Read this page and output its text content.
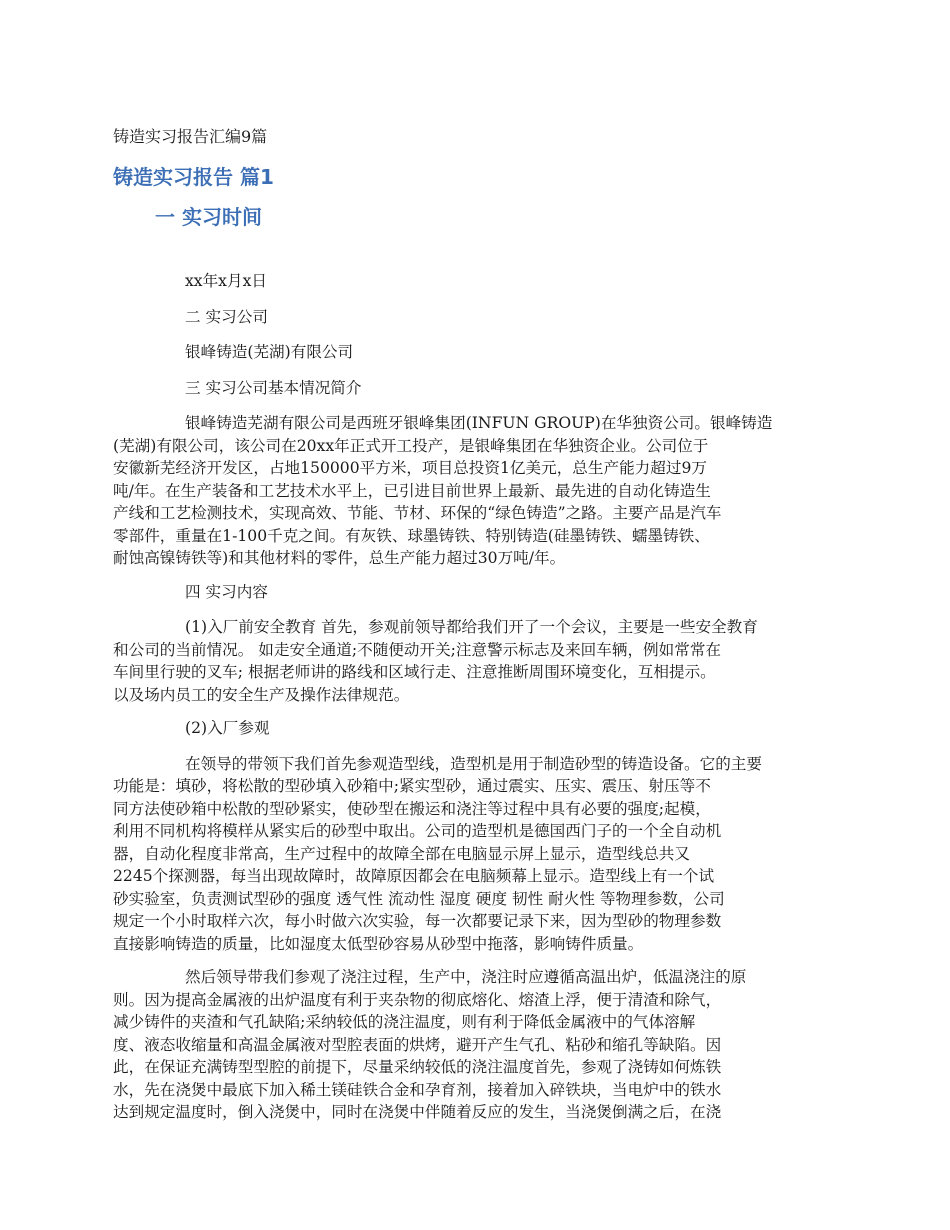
铸造实习报告汇编9篇
铸造实习报告 篇1
一 实习时间
xx年x月x日
二 实习公司
银峰铸造(芜湖)有限公司
三 实习公司基本情况简介
银峰铸造芜湖有限公司是西班牙银峰集团(INFUN GROUP)在华独资公司。银峰铸造
(芜湖)有限公司，该公司在20xx年正式开工投产，是银峰集团在华独资企业。公司位于
安徽新芜经济开发区，占地150000平方米，项目总投资1亿美元，总生产能力超过9万
吨/年。在生产装备和工艺技术水平上，已引进目前世界上最新、最先进的自动化铸造生
产线和工艺检测技术，实现高效、节能、节材、环保的“绿色铸造”之路。主要产品是汽车
零部件，重量在1-100千克之间。有灰铁、球墨铸铁、特别铸造(硅墨铸铁、蠕墨铸铁、
耐蚀高镍铸铁等)和其他材料的零件，总生产能力超过30万吨/年。
四 实习内容
(1)入厂前安全教育 首先，参观前领导都给我们开了一个会议，主要是一些安全教育
和公司的当前情况。 如走安全通道;不随便动开关;注意警示标志及来回车辆，例如常常在
车间里行驶的叉车; 根据老师讲的路线和区域行走、注意推断周围环境变化，互相提示。
以及场内员工的安全生产及操作法律规范。
(2)入厂参观
在领导的带领下我们首先参观造型线，造型机是用于制造砂型的铸造设备。它的主要
功能是：填砂，将松散的型砂填入砂箱中;紧实型砂，通过震实、压实、震压、射压等不
同方法使砂箱中松散的型砂紧实，使砂型在搬运和浇注等过程中具有必要的强度;起模，
利用不同机构将模样从紧实后的砂型中取出。公司的造型机是德国西门子的一个全自动机
器，自动化程度非常高，生产过程中的故障全部在电脑显示屏上显示，造型线总共又
2245个探测器，每当出现故障时，故障原因都会在电脑频幕上显示。造型线上有一个试
砂实验室，负责测试型砂的强度 透气性 流动性 湿度 硬度 韧性 耐火性 等物理参数，公司
规定一个小时取样六次，每小时做六次实验，每一次都要记录下来，因为型砂的物理参数
直接影响铸造的质量，比如湿度太低型砂容易从砂型中拖落，影响铸件质量。
然后领导带我们参观了浇注过程，生产中，浇注时应遵循高温出炉，低温浇注的原
则。因为提高金属液的出炉温度有利于夹杂物的彻底熔化、熔渣上浮，便于清渣和除气，
减少铸件的夹渣和气孔缺陷;采纳较低的浇注温度，则有利于降低金属液中的气体溶解
度、液态收缩量和高温金属液对型腔表面的烘烤，避开产生气孔、粘砂和缩孔等缺陷。因
此，在保证充满铸型型腔的前提下，尽量采纳较低的浇注温度首先，参观了浇铸如何炼铁
水，先在浇煲中最底下加入稀土镁硅铁合金和孕育剂，接着加入碎铁块，当电炉中的铁水
达到规定温度时，倒入浇煲中，同时在浇煲中伴随着反应的发生，当浇煲倒满之后，在浇
